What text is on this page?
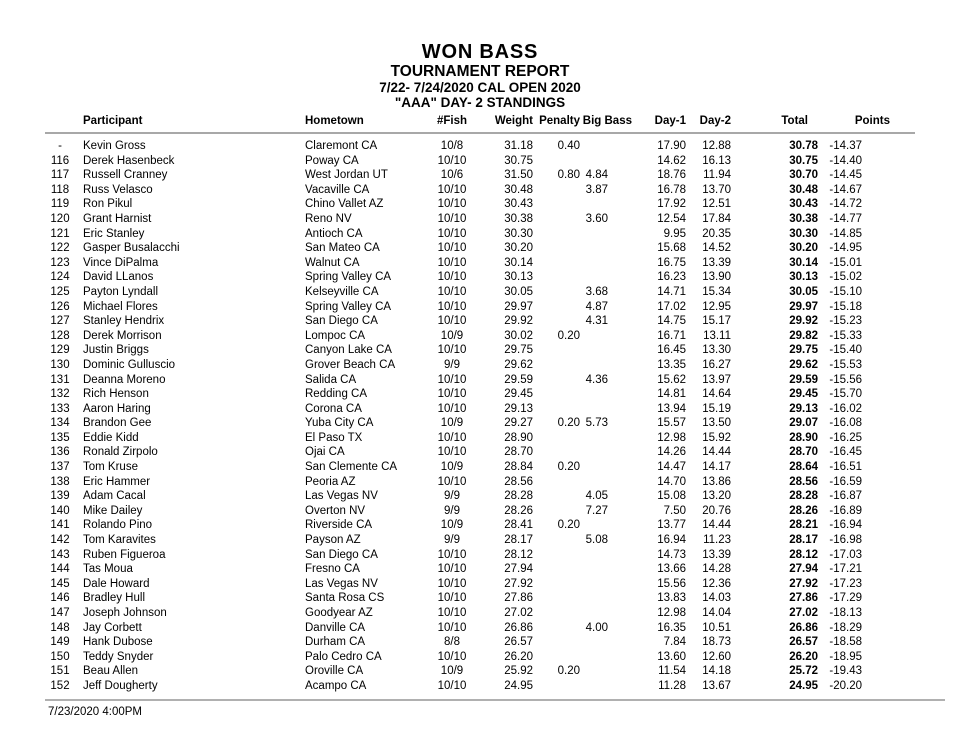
WON BASS
TOURNAMENT REPORT
7/22- 7/24/2020 CAL OPEN 2020
"AAA" DAY- 2 STANDINGS
	Participant	Hometown	#Fish	Weight	Penalty	Big Bass	Day-1	Day-2	Total	Points	
-	Kevin Gross	Claremont CA	10/8	31.18	0.40		17.90	12.88	30.78	-14.37	
116	Derek Hasenbeck	Poway CA	10/10	30.75			14.62	16.13	30.75	-14.40	
117	Russell Cranney	West Jordan UT	10/6	31.50	0.80	4.84	18.76	11.94	30.70	-14.45	
118	Russ Velasco	Vacaville CA	10/10	30.48		3.87	16.78	13.70	30.48	-14.67	
119	Ron Pikul	Chino Vallet AZ	10/10	30.43			17.92	12.51	30.43	-14.72	
120	Grant Harnist	Reno NV	10/10	30.38		3.60	12.54	17.84	30.38	-14.77	
121	Eric Stanley	Antioch CA	10/10	30.30			9.95	20.35	30.30	-14.85	
122	Gasper Busalacchi	San Mateo CA	10/10	30.20			15.68	14.52	30.20	-14.95	
123	Vince DiPalma	Walnut CA	10/10	30.14			16.75	13.39	30.14	-15.01	
124	David LLanos	Spring Valley CA	10/10	30.13			16.23	13.90	30.13	-15.02	
125	Payton Lyndall	Kelseyville CA	10/10	30.05		3.68	14.71	15.34	30.05	-15.10	
126	Michael Flores	Spring Valley CA	10/10	29.97		4.87	17.02	12.95	29.97	-15.18	
127	Stanley Hendrix	San Diego CA	10/10	29.92		4.31	14.75	15.17	29.92	-15.23	
128	Derek Morrison	Lompoc CA	10/9	30.02	0.20		16.71	13.11	29.82	-15.33	
129	Justin Briggs	Canyon Lake CA	10/10	29.75			16.45	13.30	29.75	-15.40	
130	Dominic Gulluscio	Grover Beach CA	9/9	29.62			13.35	16.27	29.62	-15.53	
131	Deanna Moreno	Salida CA	10/10	29.59		4.36	15.62	13.97	29.59	-15.56	
132	Rich Henson	Redding CA	10/10	29.45			14.81	14.64	29.45	-15.70	
133	Aaron Haring	Corona CA	10/10	29.13			13.94	15.19	29.13	-16.02	
134	Brandon Gee	Yuba City CA	10/9	29.27	0.20	5.73	15.57	13.50	29.07	-16.08	
135	Eddie Kidd	El Paso TX	10/10	28.90			12.98	15.92	28.90	-16.25	
136	Ronald Zirpolo	Ojai CA	10/10	28.70			14.26	14.44	28.70	-16.45	
137	Tom Kruse	San Clemente CA	10/9	28.84	0.20		14.47	14.17	28.64	-16.51	
138	Eric Hammer	Peoria AZ	10/10	28.56			14.70	13.86	28.56	-16.59	
139	Adam Cacal	Las Vegas NV	9/9	28.28		4.05	15.08	13.20	28.28	-16.87	
140	Mike Dailey	Overton NV	9/9	28.26		7.27	7.50	20.76	28.26	-16.89	
141	Rolando Pino	Riverside CA	10/9	28.41	0.20		13.77	14.44	28.21	-16.94	
142	Tom Karavites	Payson AZ	9/9	28.17		5.08	16.94	11.23	28.17	-16.98	
143	Ruben Figueroa	San Diego CA	10/10	28.12			14.73	13.39	28.12	-17.03	
144	Tas Moua	Fresno CA	10/10	27.94			13.66	14.28	27.94	-17.21	
145	Dale Howard	Las Vegas NV	10/10	27.92			15.56	12.36	27.92	-17.23	
146	Bradley Hull	Santa Rosa CS	10/10	27.86			13.83	14.03	27.86	-17.29	
147	Joseph Johnson	Goodyear AZ	10/10	27.02			12.98	14.04	27.02	-18.13	
148	Jay Corbett	Danville CA	10/10	26.86		4.00	16.35	10.51	26.86	-18.29	
149	Hank Dubose	Durham CA	8/8	26.57			7.84	18.73	26.57	-18.58	
150	Teddy Snyder	Palo Cedro CA	10/10	26.20			13.60	12.60	26.20	-18.95	
151	Beau Allen	Oroville CA	10/9	25.92	0.20		11.54	14.18	25.72	-19.43	
152	Jeff Dougherty	Acampo CA	10/10	24.95			11.28	13.67	24.95	-20.20	
7/23/2020 4:00PM
